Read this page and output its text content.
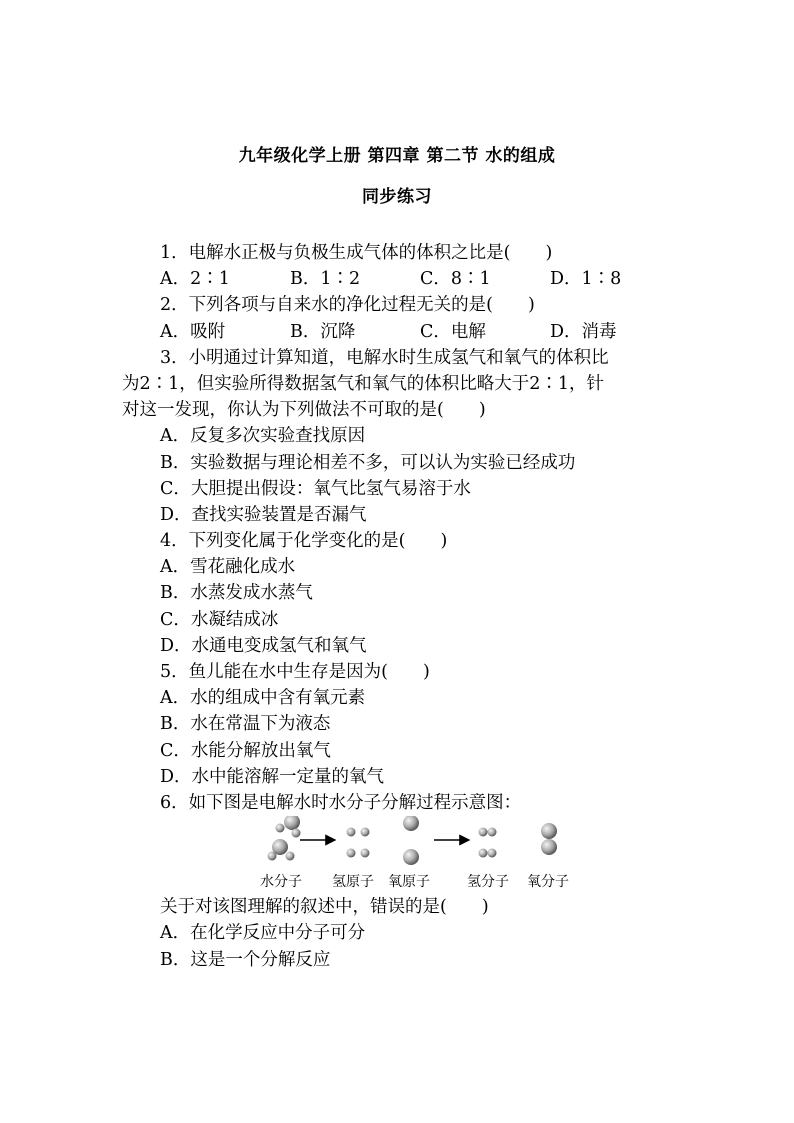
九年级化学上册 第四章 第二节 水的组成
同步练习
1．电解水正极与负极生成气体的体积之比是(　　)
A．2∶1	B．1∶2	C．8∶1	D．1∶8
2．下列各项与自来水的净化过程无关的是(　　)
A．吸附	B．沉降	C．电解	D．消毒
3．小明通过计算知道，电解水时生成氢气和氧气的体积比
为2∶1，但实验所得数据氢气和氧气的体积比略大于2∶1，针
对这一发现，你认为下列做法不可取的是(　　)
A．反复多次实验查找原因
B．实验数据与理论相差不多，可以认为实验已经成功
C．大胆提出假设：氧气比氢气易溶于水
D．查找实验装置是否漏气
4．下列变化属于化学变化的是(　　)
A．雪花融化成水
B．水蒸发成水蒸气
C．水凝结成冰
D．水通电变成氢气和氧气
5．鱼儿能在水中生存是因为(　　)
A．水的组成中含有氧元素
B．水在常温下为液态
C．水能分解放出氧气
D．水中能溶解一定量的氧气
6．如下图是电解水时水分子分解过程示意图：
水分子 氢原子 氧原子	氢分子 氧分子
关于对该图理解的叙述中，错误的是(　　)
A．在化学反应中分子可分
B．这是一个分解反应
